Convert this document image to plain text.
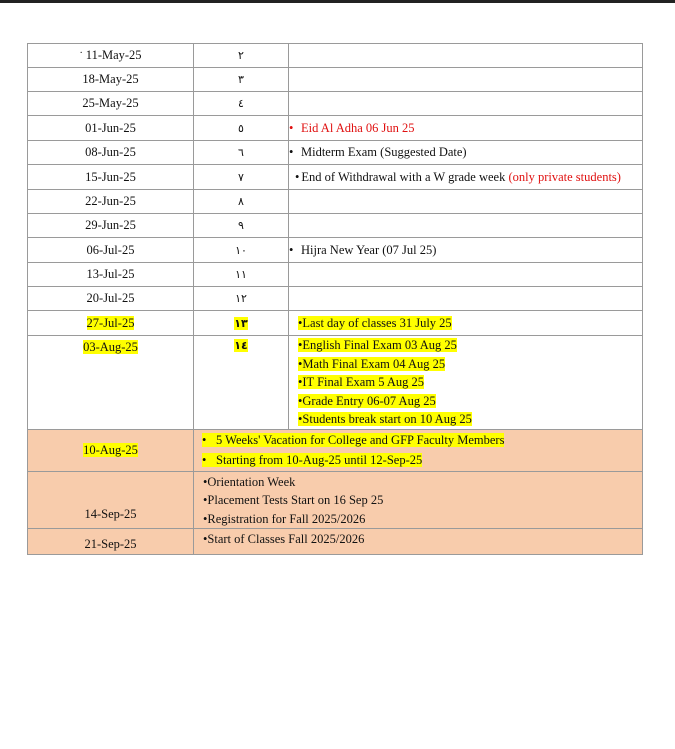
· 11-May-25	٢	
18-May-25	٣	
25-May-25	٤	
01-Jun-25	٥	• Eid Al Adha 06 Jun 25

08-Jun-25	٦	• Midterm Exam (Suggested Date)

15-Jun-25	٧	• End of Withdrawal with a W grade week (only private students)

22-Jun-25	٨	
29-Jun-25	٩	
06-Jul-25	١٠	• Hijra New Year (07 Jul 25)

13-Jul-25	١١	
20-Jul-25	١٢	
27-Jul-25	١٣	•Last day of classes 31 July 25

03-Aug-25	١٤	•English Final Exam 03 Aug 25
•Math Final Exam 04 Aug 25
•IT Final Exam 5 Aug 25
•Grade Entry 06-07 Aug 25
•Students break start on 10 Aug 25

10-Aug-25	• 5 Weeks' Vacation for College and GFP Faculty Members
• Starting from 10-Aug-25 until 12-Sep-25	

14-Sep-25	•Orientation Week
•Placement Tests Start on 16 Sep 25
•Registration for Fall 2025/2026	

21-Sep-25	•Start of Classes Fall 2025/2026	
